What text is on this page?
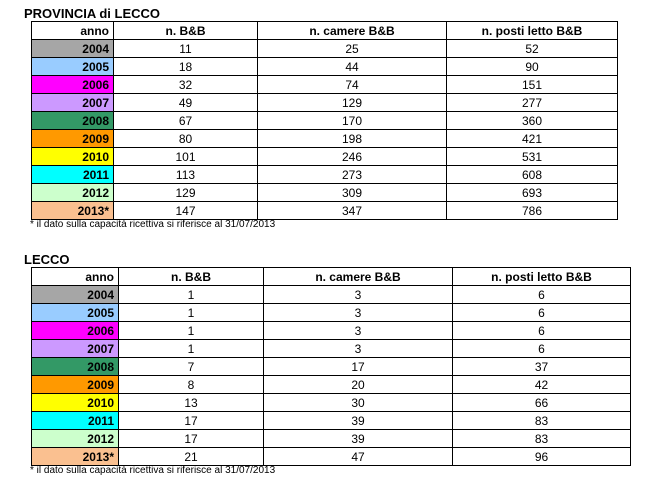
PROVINCIA di LECCO
anno	n. B&B	n. camere B&B	n. posti letto B&B
2004	11	25	52
2005	18	44	90
2006	32	74	151
2007	49	129	277
2008	67	170	360
2009	80	198	421
2010	101	246	531
2011	113	273	608
2012	129	309	693
2013*	147	347	786
* il dato sulla capacità ricettiva si riferisce al 31/07/2013
LECCO
anno	n. B&B	n. camere B&B	n. posti letto B&B
2004	1	3	6
2005	1	3	6
2006	1	3	6
2007	1	3	6
2008	7	17	37
2009	8	20	42
2010	13	30	66
2011	17	39	83
2012	17	39	83
2013*	21	47	96
* il dato sulla capacità ricettiva si riferisce al 31/07/2013
